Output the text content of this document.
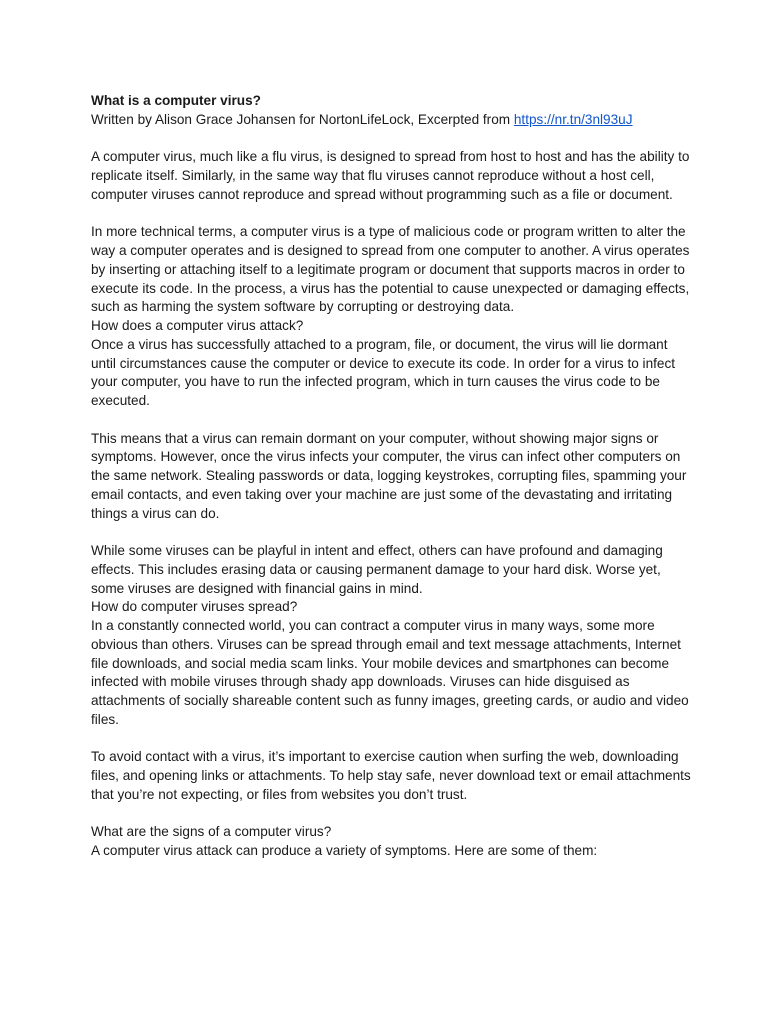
What is a computer virus?

Written by Alison Grace Johansen for NortonLifeLock, Excerpted from https://nr.tn/3nl93uJ

A computer virus, much like a flu virus, is designed to spread from host to host and has the ability to replicate itself. Similarly, in the same way that flu viruses cannot reproduce without a host cell, computer viruses cannot reproduce and spread without programming such as a file or document.

In more technical terms, a computer virus is a type of malicious code or program written to alter the way a computer operates and is designed to spread from one computer to another. A virus operates by inserting or attaching itself to a legitimate program or document that supports macros in order to execute its code. In the process, a virus has the potential to cause unexpected or damaging effects, such as harming the system software by corrupting or destroying data.

How does a computer virus attack?

Once a virus has successfully attached to a program, file, or document, the virus will lie dormant until circumstances cause the computer or device to execute its code. In order for a virus to infect your computer, you have to run the infected program, which in turn causes the virus code to be executed.

This means that a virus can remain dormant on your computer, without showing major signs or symptoms. However, once the virus infects your computer, the virus can infect other computers on the same network. Stealing passwords or data, logging keystrokes, corrupting files, spamming your email contacts, and even taking over your machine are just some of the devastating and irritating things a virus can do.

While some viruses can be playful in intent and effect, others can have profound and damaging effects. This includes erasing data or causing permanent damage to your hard disk. Worse yet, some viruses are designed with financial gains in mind.

How do computer viruses spread?

In a constantly connected world, you can contract a computer virus in many ways, some more obvious than others. Viruses can be spread through email and text message attachments, Internet file downloads, and social media scam links. Your mobile devices and smartphones can become infected with mobile viruses through shady app downloads. Viruses can hide disguised as attachments of socially shareable content such as funny images, greeting cards, or audio and video files.

To avoid contact with a virus, it’s important to exercise caution when surfing the web, downloading files, and opening links or attachments. To help stay safe, never download text or email attachments that you’re not expecting, or files from websites you don’t trust.

What are the signs of a computer virus?

A computer virus attack can produce a variety of symptoms. Here are some of them:
